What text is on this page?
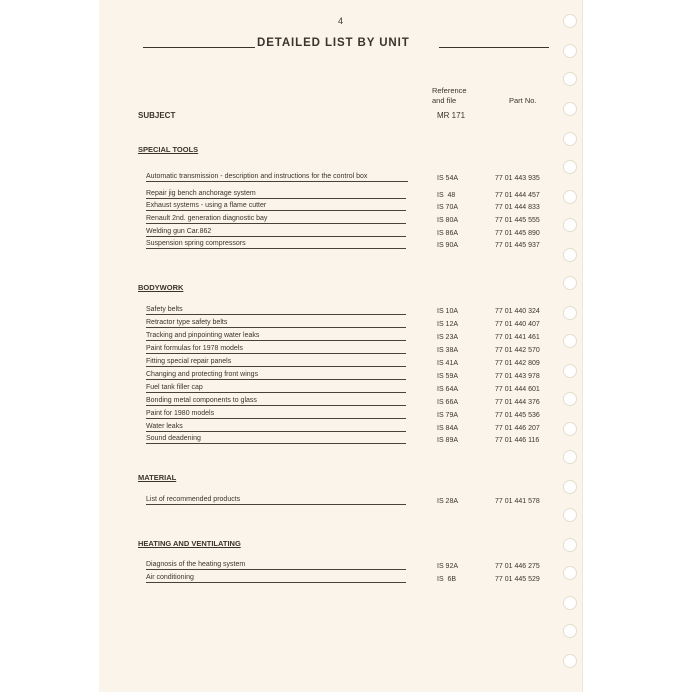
4
DETAILED LIST BY UNIT
Reference
and file	Part No.
SUBJECT	MR 171
SPECIAL TOOLS
Automatic transmission - description and instructions for the control box	IS 54A	77 01 443 935
Repair jig bench anchorage system	IS  48	77 01 444 457
Exhaust systems - using a flame cutter	IS 70A	77 01 444 833
Renault 2nd. generation diagnostic bay	IS 80A	77 01 445 555
Welding gun Car.862	IS 86A	77 01 445 890
Suspension spring compressors	IS 90A	77 01 445 937
BODYWORK
Safety belts	IS 10A	77 01 440 324
Retractor type safety belts	IS 12A	77 01 440 407
Tracking and pinpointing water leaks	IS 23A	77 01 441 461
Paint formulas for 1978 models	IS 38A	77 01 442 570
Fitting special repair panels	IS 41A	77 01 442 809
Changing and protecting front wings	IS 59A	77 01 443 978
Fuel tank filler cap	IS 64A	77 01 444 601
Bonding metal components to glass	IS 66A	77 01 444 376
Paint for 1980 models	IS 79A	77 01 445 536
Water leaks	IS 84A	77 01 446 207
Sound deadening	IS 89A	77 01 446 116
MATERIAL
List of recommended products	IS 28A	77 01 441 578
HEATING AND VENTILATING
Diagnosis of the heating system	IS 92A	77 01 446 275
Air conditioning	IS  6B	77 01 445 529
